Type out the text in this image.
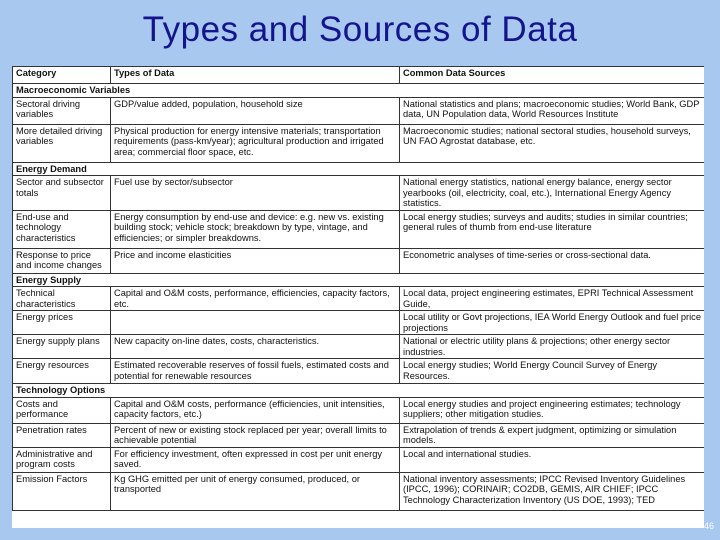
Types and Sources of Data
Category	Types of Data	Common Data Sources
Macroeconomic Variables		
Sectoral driving variables	GDP/value added, population, household size	National statistics and plans; macroeconomic studies; World Bank, GDP data, UN Population data, World Resources Institute
More detailed driving variables	Physical production for energy intensive materials; transportation requirements (pass-km/year); agricultural production and irrigated area; commercial floor space, etc.	Macroeconomic studies; national sectoral studies, household surveys, UN FAO Agrostat database, etc.
Energy Demand		
Sector and subsector totals	Fuel use by sector/subsector	National energy statistics, national energy balance, energy sector yearbooks (oil, electricity, coal, etc.), International Energy Agency statistics.
End-use and technology characteristics	Energy consumption by end-use and device: e.g. new vs. existing building stock; vehicle stock; breakdown by type, vintage, and efficiencies; or simpler breakdowns.	Local energy studies; surveys and audits; studies in similar countries; general rules of thumb from end-use literature
Response to price and income changes	Price and income elasticities	Econometric analyses of time-series or cross-sectional data.
Energy Supply		
Technical characteristics	Capital and O&M costs, performance, efficiencies, capacity factors, etc.	Local data, project engineering estimates, EPRI Technical Assessment Guide,
Energy prices		Local utility or Govt projections, IEA World Energy Outlook and fuel price projections
Energy supply plans	New capacity on-line dates, costs, characteristics.	National or electric utility plans & projections; other energy sector industries.
Energy resources	Estimated recoverable reserves of fossil fuels, estimated costs and potential for renewable resources	Local energy studies; World Energy Council Survey of Energy Resources.
Technology Options		
Costs and performance	Capital and O&M costs, performance (efficiencies, unit intensities, capacity factors, etc.)	Local energy studies and project engineering estimates; technology suppliers; other mitigation studies.
Penetration rates	Percent of new or existing stock replaced per year; overall limits to achievable potential	Extrapolation of trends & expert judgment, optimizing or simulation models.
Administrative and program costs	For efficiency investment, often expressed in cost per unit energy saved.	Local and international studies.
Emission Factors	Kg GHG emitted per unit of energy consumed, produced, or transported	National inventory assessments; IPCC Revised Inventory Guidelines (IPCC, 1996); CORINAIR; CO2DB, GEMIS, AIR CHIEF; IPCC Technology Characterization Inventory (US DOE, 1993); TED
46
